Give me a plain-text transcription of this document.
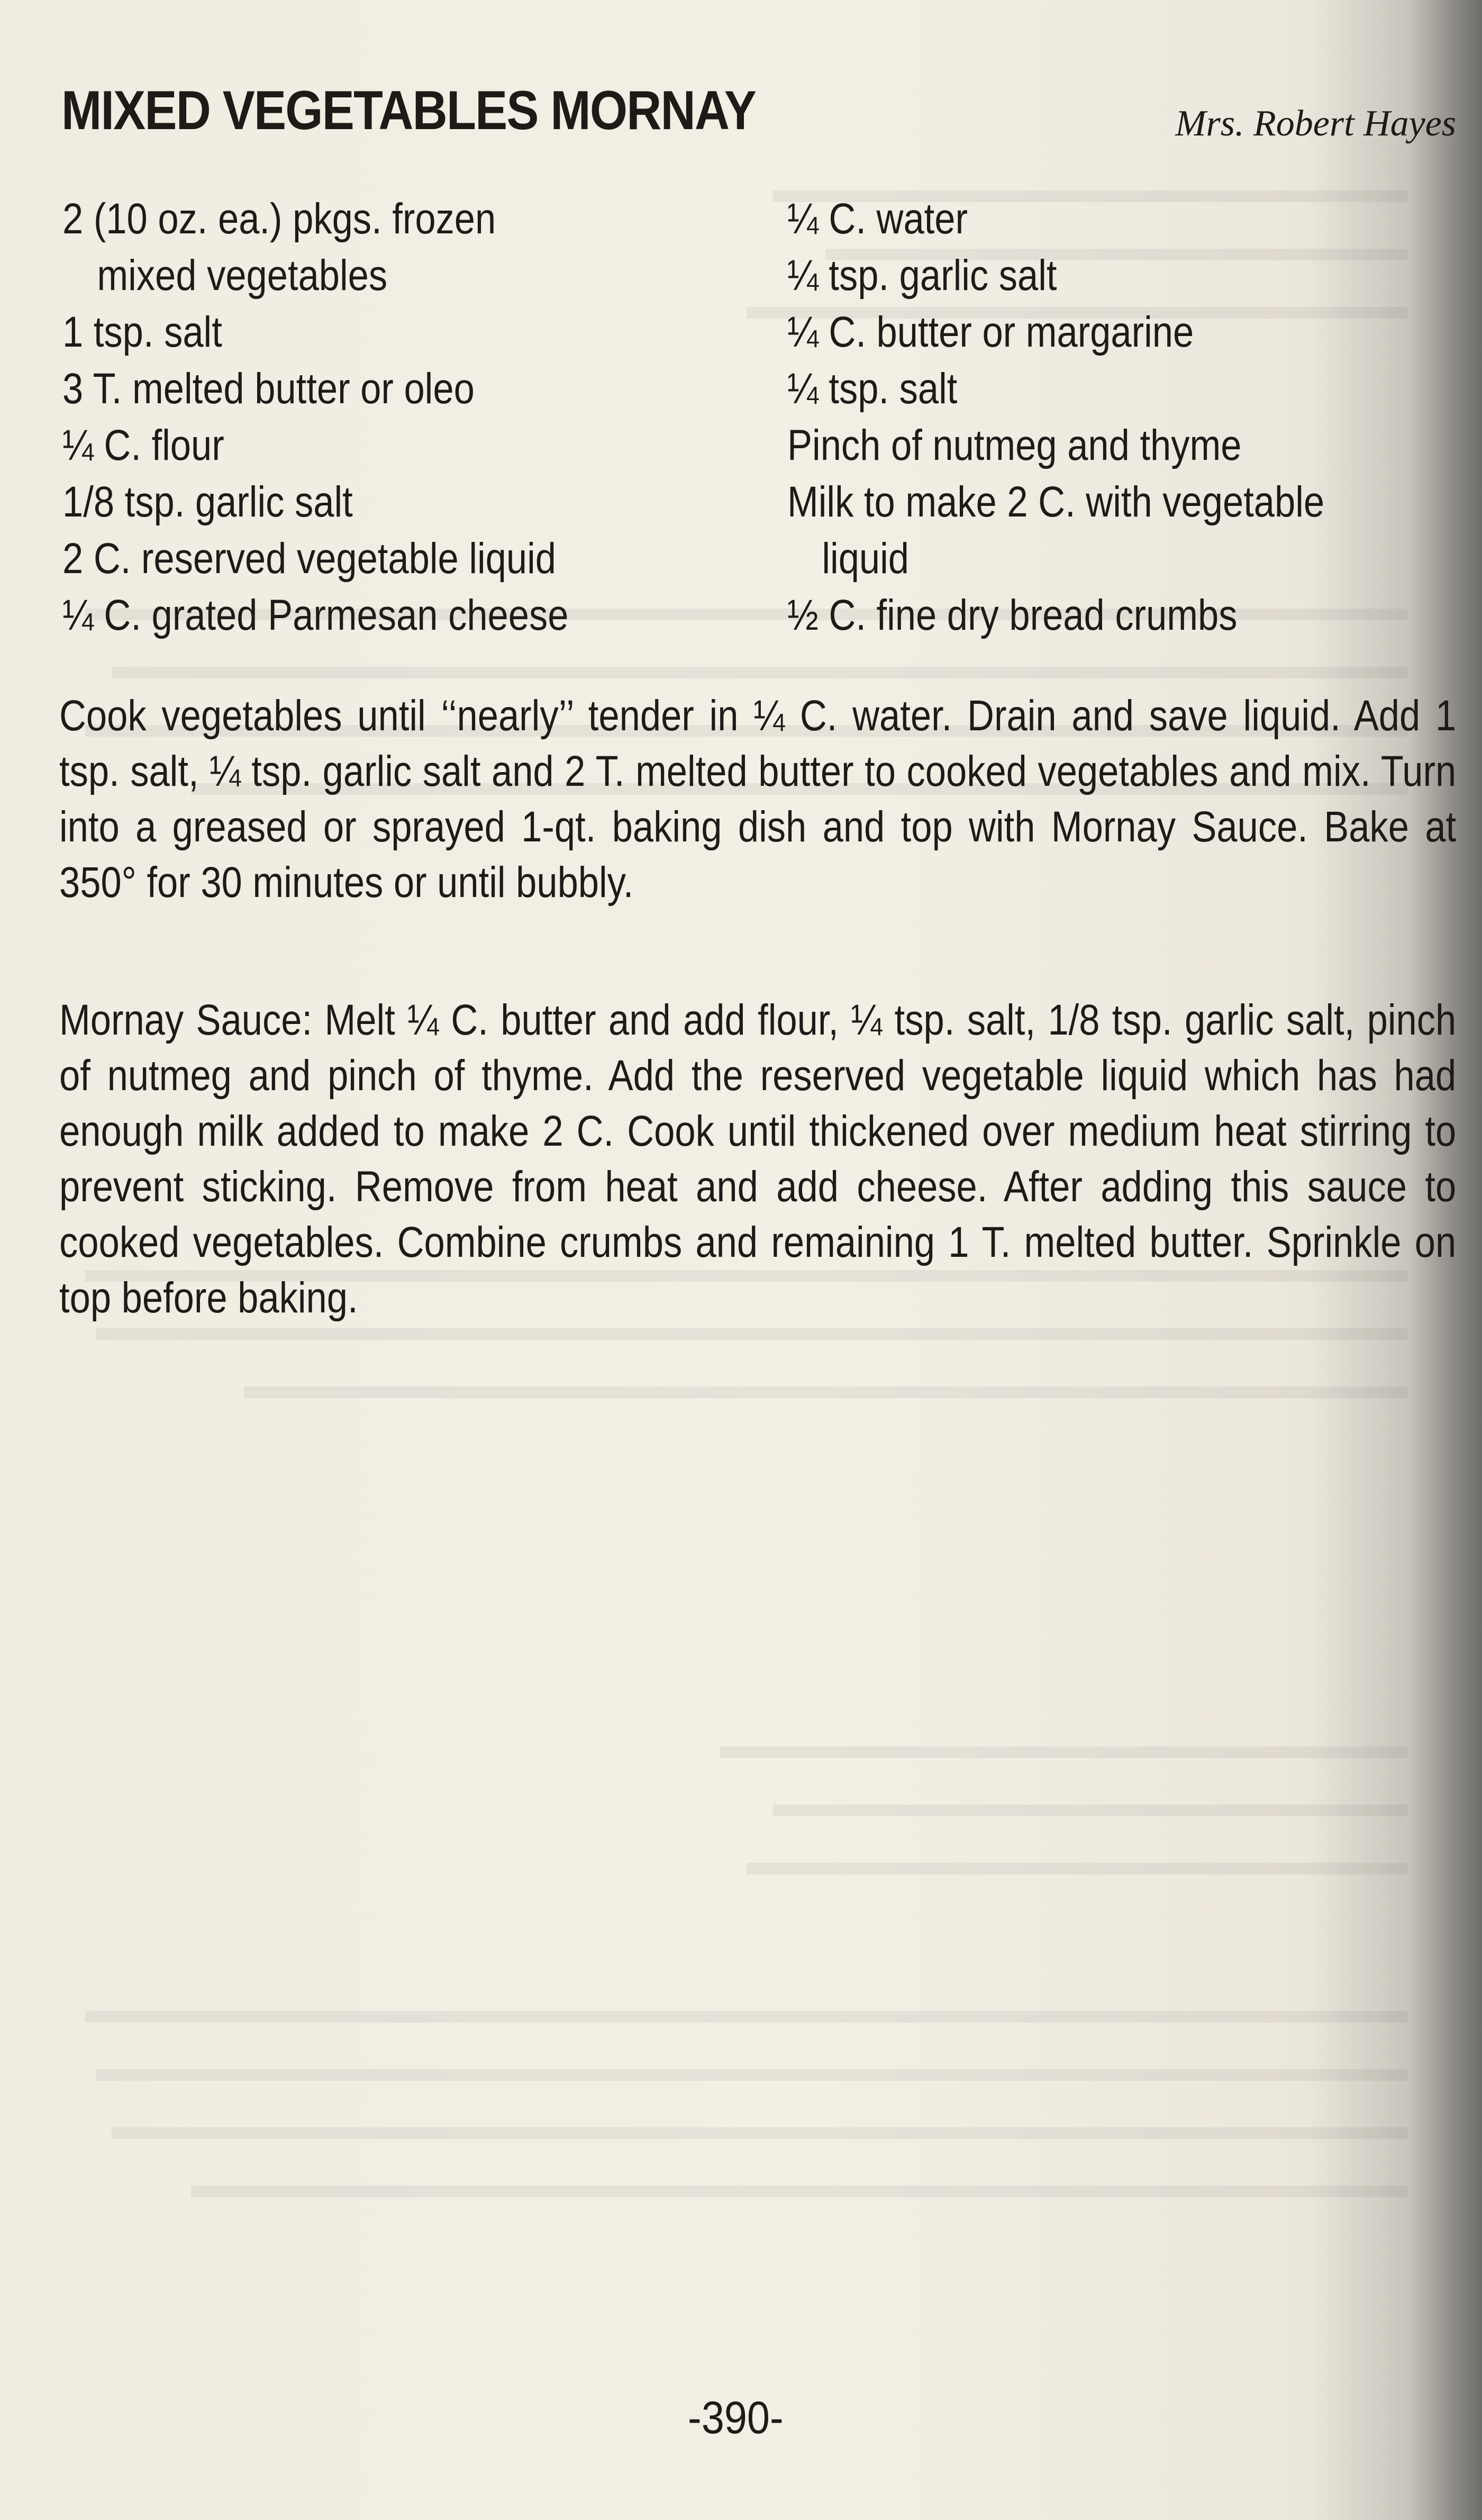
MIXED VEGETABLES MORNAY	Mrs. Robert Hayes
2 (10 oz. ea.) pkgs. frozen
mixed vegetables
1 tsp. salt
3 T. melted butter or oleo
¼ C. flour
1/8 tsp. garlic salt
2 C. reserved vegetable liquid
¼ C. grated Parmesan cheese
¼ C. water
¼ tsp. garlic salt
¼ C. butter or margarine
¼ tsp. salt
Pinch of nutmeg and thyme
Milk to make 2 C. with vegetable
liquid
½ C. fine dry bread crumbs

Cook vegetables until ‘‘nearly’’ tender in ¼ C. water. Drain and save liquid. Add 1 tsp. salt, ¼ tsp. garlic salt and 2 T. melted butter to cooked vegetables and mix. Turn into a greased or sprayed 1-qt. baking dish and top with Mornay Sauce. Bake at 350° for 30 minutes or until bubbly.

Mornay Sauce: Melt ¼ C. butter and add flour, ¼ tsp. salt, 1/8 tsp. garlic salt, pinch of nutmeg and pinch of thyme. Add the reserved vegetable liquid which has had enough milk added to make 2 C. Cook until thickened over medium heat stirring to prevent sticking. Remove from heat and add cheese. After adding this sauce to cooked vegetables. Combine crumbs and remaining 1 T. melted butter. Sprinkle on top before baking.

-390-
